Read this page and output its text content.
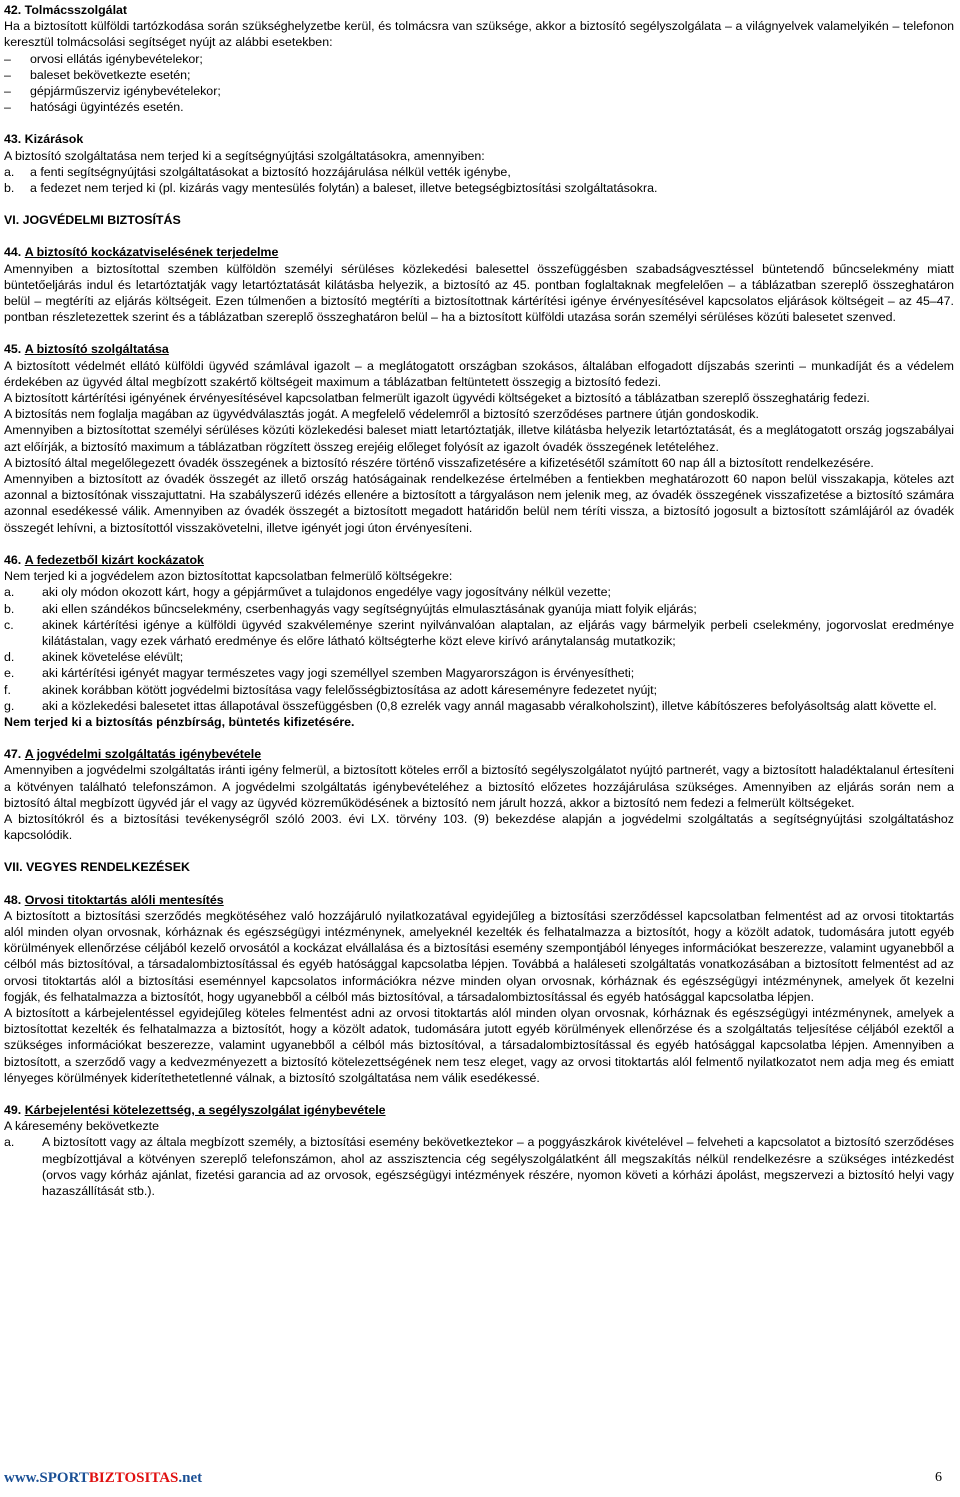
42. Tolmácsszolgálat

Ha a biztosított külföldi tartózkodása során szükséghelyzetbe kerül, és tolmácsra van szüksége, akkor a biztosító segélyszolgálata – a világnyelvek valamelyikén – telefonon keresztül tolmácsolási segítséget nyújt az alábbi esetekben:

–	orvosi ellátás igénybevételekor;
–	baleset bekövetkezte esetén;
–	gépjárműszerviz igénybevételekor;
–	hatósági ügyintézés esetén.

43. Kizárások

A biztosító szolgáltatása nem terjed ki a segítségnyújtási szolgáltatásokra, amennyiben:

a.	a fenti segítségnyújtási szolgáltatásokat a biztosító hozzájárulása nélkül vették igénybe,
b.	a fedezet nem terjed ki (pl. kizárás vagy mentesülés folytán) a baleset, illetve betegségbiztosítási szolgáltatásokra.

VI. JOGVÉDELMI BIZTOSÍTÁS

44. A biztosító kockázatviselésének terjedelme

Amennyiben a biztosítottal szemben külföldön személyi sérüléses közlekedési balesettel összefüggésben szabadságvesztéssel büntetendő bűncselekmény miatt büntetőeljárás indul és letartóztatják vagy letartóztatását kilátásba helyezik, a biztosító az 45. pontban foglaltaknak megfelelően – a táblázatban szereplő összeghatáron belül – megtéríti az eljárás költségeit. Ezen túlmenően a biztosító megtéríti a biztosítottnak kártérítési igénye érvényesítésével kapcsolatos eljárások költségeit – az 45–47. pontban részletezettek szerint és a táblázatban szereplő összeghatáron belül – ha a biztosított külföldi utazása során személyi sérüléses közúti balesetet szenved.

45. A biztosító szolgáltatása

A biztosított védelmét ellátó külföldi ügyvéd számlával igazolt – a meglátogatott országban szokásos, általában elfogadott díjszabás szerinti – munkadíját és a védelem érdekében az ügyvéd által megbízott szakértő költségeit maximum a táblázatban feltüntetett összegig a biztosító fedezi.

A biztosított kártérítési igényének érvényesítésével kapcsolatban felmerült igazolt ügyvédi költségeket a biztosító a táblázatban szereplő összeghatárig fedezi.

A biztosítás nem foglalja magában az ügyvédválasztás jogát. A megfelelő védelemről a biztosító szerződéses partnere útján gondoskodik.

Amennyiben a biztosítottat személyi sérüléses közúti közlekedési baleset miatt letartóztatják, illetve kilátásba helyezik letartóztatását, és a meglátogatott ország jogszabályai azt előírják, a biztosító maximum a táblázatban rögzített összeg erejéig előleget folyósít az igazolt óvadék összegének letételéhez.

A biztosító által megelőlegezett óvadék összegének a biztosító részére történő visszafizetésére a kifizetésétől számított 60 nap áll a biztosított rendelkezésére.

Amennyiben a biztosított az óvadék összegét az illető ország hatóságainak rendelkezése értelmében a fentiekben meghatározott 60 napon belül visszakapja, köteles azt azonnal a biztosítónak visszajuttatni. Ha szabályszerű idézés ellenére a biztosított a tárgyaláson nem jelenik meg, az óvadék összegének visszafizetése a biztosító számára azonnal esedékessé válik. Amennyiben az óvadék összegét a biztosított megadott határidőn belül nem téríti vissza, a biztosító jogosult a biztosított számlájáról az óvadék összegét lehívni, a biztosítottól visszakövetelni, illetve igényét jogi úton érvényesíteni.

46. A fedezetből kizárt kockázatok

Nem terjed ki a jogvédelem azon biztosítottat kapcsolatban felmerülő költségekre:

a.	aki oly módon okozott kárt, hogy a gépjárművet a tulajdonos engedélye vagy jogosítvány nélkül vezette;
b.	aki ellen szándékos bűncselekmény, cserbenhagyás vagy segítségnyújtás elmulasztásának gyanúja miatt folyik eljárás;
c.	akinek kártérítési igénye a külföldi ügyvéd szakvéleménye szerint nyilvánvalóan alaptalan, az eljárás vagy bármelyik perbeli cselekmény, jogorvoslat eredménye kilátástalan, vagy ezek várható eredménye és előre látható költségterhe közt eleve kirívó aránytalanság mutatkozik;
d.	akinek követelése elévült;
e.	aki kártérítési igényét magyar természetes vagy jogi személlyel szemben Magyarországon is érvényesítheti;
f.	akinek korábban kötött jogvédelmi biztosítása vagy felelősségbiztosítása az adott káreseményre fedezetet nyújt;
g.	aki a közlekedési balesetet ittas állapotával összefüggésben (0,8 ezrelék vagy annál magasabb véralkoholszint), illetve kábítószeres befolyásoltság alatt követte el.

Nem terjed ki a biztosítás pénzbírság, büntetés kifizetésére.

47. A jogvédelmi szolgáltatás igénybevétele

Amennyiben a jogvédelmi szolgáltatás iránti igény felmerül, a biztosított köteles erről a biztosító segélyszolgálatot nyújtó partnerét, vagy a biztosított haladéktalanul értesíteni a kötvényen található telefonszámon. A jogvédelmi szolgáltatás igénybevételéhez a biztosító előzetes hozzájárulása szükséges. Amennyiben az eljárás során nem a biztosító által megbízott ügyvéd jár el vagy az ügyvéd közreműködésének a biztosító nem járult hozzá, akkor a biztosító nem fedezi a felmerült költségeket.

A biztosítókról és a biztosítási tevékenységről szóló 2003. évi LX. törvény 103. (9) bekezdése alapján a jogvédelmi szolgáltatás a segítségnyújtási szolgáltatáshoz kapcsolódik.

VII. VEGYES RENDELKEZÉSEK

48. Orvosi titoktartás alóli mentesítés

A biztosított a biztosítási szerződés megkötéséhez való hozzájáruló nyilatkozatával egyidejűleg a biztosítási szerződéssel kapcsolatban felmentést ad az orvosi titoktartás alól minden olyan orvosnak, kórháznak és egészségügyi intézménynek, amelyeknél kezelték és felhatalmazza a biztosítót, hogy a közölt adatok, tudomására jutott egyéb körülmények ellenőrzése céljából kezelő orvosától a kockázat elvállalása és a biztosítási esemény szempontjából lényeges információkat beszerezze, valamint ugyanebből a célból más biztosítóval, a társadalombiztosítással és egyéb hatósággal kapcsolatba lépjen. Továbbá a haláleseti szolgáltatás vonatkozásában a biztosított felmentést ad az orvosi titoktartás alól a biztosítási eseménnyel kapcsolatos információkra nézve minden olyan orvosnak, kórháznak és egészségügyi intézménynek, amelyek őt kezelni fogják, és felhatalmazza a biztosítót, hogy ugyanebből a célból más biztosítóval, a társadalombiztosítással és egyéb hatósággal kapcsolatba lépjen.

A biztosított a kárbejelentéssel egyidejűleg köteles felmentést adni az orvosi titoktartás alól minden olyan orvosnak, kórháznak és egészségügyi intézménynek, amelyek a biztosítottat kezelték és felhatalmazza a biztosítót, hogy a közölt adatok, tudomására jutott egyéb körülmények ellenőrzése és a szolgáltatás teljesítése céljából ezektől a szükséges információkat beszerezze, valamint ugyanebből a célból más biztosítóval, a társadalombiztosítással és egyéb hatósággal kapcsolatba lépjen. Amennyiben a biztosított, a szerződő vagy a kedvezményezett a biztosító kötelezettségének nem tesz eleget, vagy az orvosi titoktartás alól felmentő nyilatkozatot nem adja meg és emiatt lényeges körülmények kiderítethetetlenné válnak, a biztosító szolgáltatása nem válik esedékessé.

49. Kárbejelentési kötelezettség, a segélyszolgálat igénybevétele

A káresemény bekövetkezte

a.	A biztosított vagy az általa megbízott személy, a biztosítási esemény bekövetkeztekor – a poggyászkárok kivételével – felveheti a kapcsolatot a biztosító szerződéses megbízottjával a kötvényen szereplő telefonszámon, ahol az asszisztencia cég segélyszolgálatként áll megszakítás nélkül rendelkezésre a szükséges intézkedést (orvos vagy kórház ajánlat, fizetési garancia ad az orvosok, egészségügyi intézmények részére, nyomon követi a kórházi ápolást, megszervezi a biztosító helyi vagy hazaszállítását stb.).
www.SPORTBIZTOSITAS.net	6
